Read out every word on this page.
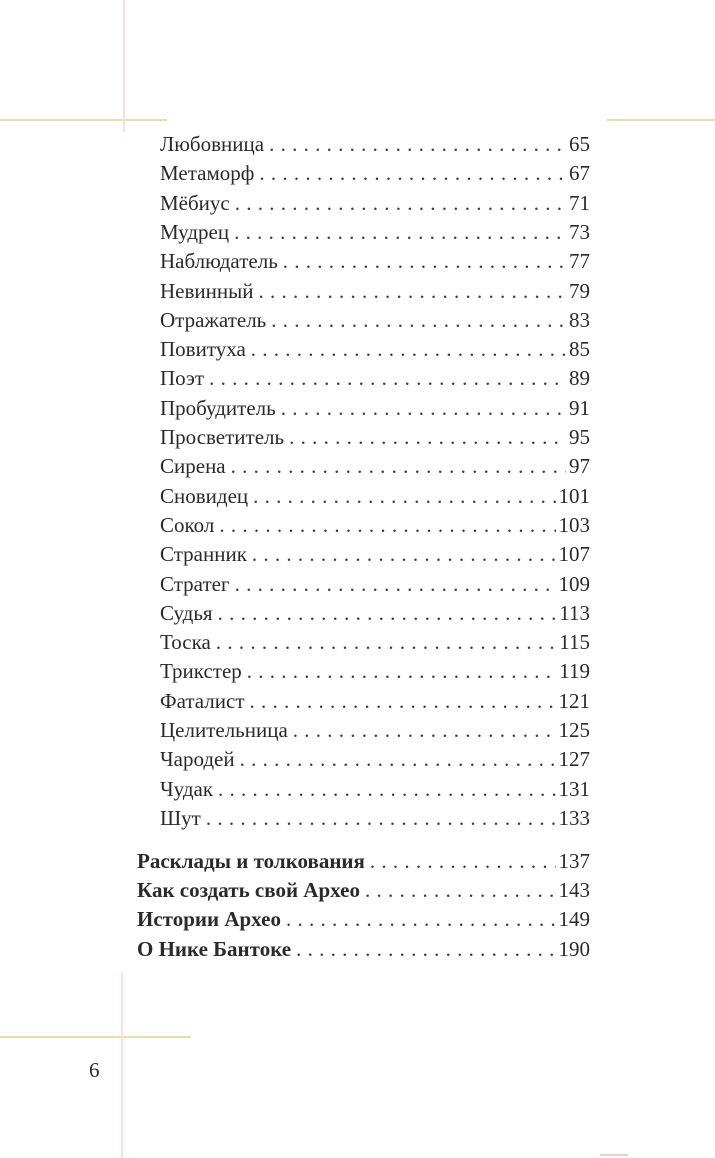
Любовница . . .	65
Метаморф . . .	67
Мёбиус . . .	71
Мудрец . . .	73
Наблюдатель . . .	77
Невинный . . .	79
Отражатель . . .	83
Повитуха . . .	85
Поэт . . .	89
Пробудитель . . .	91
Просветитель . . .	95
Сирена . . .	97
Сновидец . . .	101
Сокол . . .	103
Странник . . .	107
Стратег . . .	109
Судья . . .	113
Тоска . . .	115
Трикстер . . .	119
Фаталист . . .	121
Целительница . . .	125
Чародей . . .	127
Чудак . . .	131
Шут . . .	133
Расклады и толкования . . .	137
Как создать свой Архео . . .	143
Истории Архео . . .	149
О Нике Бантоке . . .	190
6
